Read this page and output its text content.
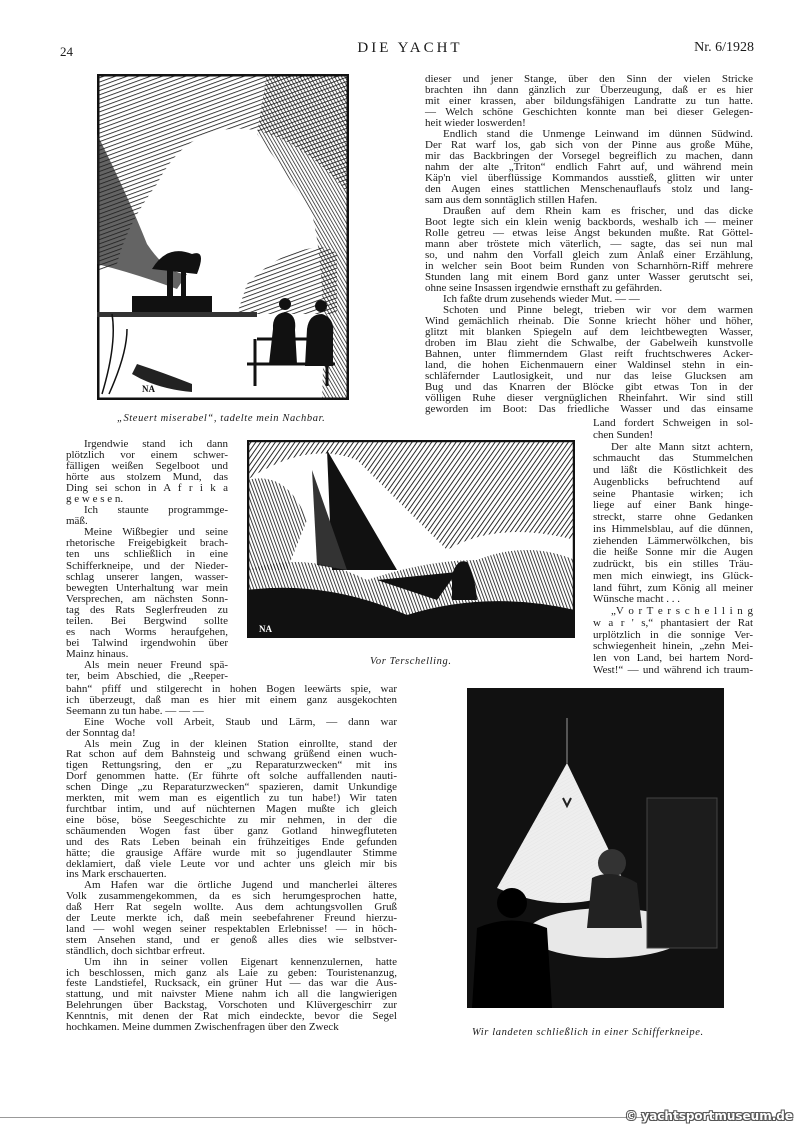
24	DIE YACHT	Nr. 6/1928
NA
„Steuert miserabel“, tadelte mein Nachbar.
NA
Vor Terschelling.
Wir landeten schließlich in einer Schifferkneipe.
dieser und jener Stange, über den Sinn der vielen Stricke
brachten ihn dann gänzlich zur Überzeugung, daß er es hier
mit einer krassen, aber bildungsfähigen Landratte zu tun hatte.
— Welch schöne Geschichten konnte man bei dieser Gelegen-
heit wieder loswerden!
Endlich stand die Unmenge Leinwand im dünnen Südwind.
Der Rat warf los, gab sich von der Pinne aus große Mühe,
mir das Backbringen der Vorsegel begreiflich zu machen, dann
nahm der alte „Triton“ endlich Fahrt auf, und während mein
Käp'n viel überflüssige Kommandos ausstieß, glitten wir unter
den Augen eines stattlichen Menschenauflaufs stolz und lang-
sam aus dem sonntäglich stillen Hafen.
Draußen auf dem Rhein kam es frischer, und das dicke
Boot legte sich ein klein wenig backbords, weshalb ich — meiner
Rolle getreu — etwas leise Angst bekunden mußte. Rat Göttel-
mann aber tröstete mich väterlich, — sagte, das sei nun mal
so, und nahm den Vorfall gleich zum Anlaß einer Erzählung,
in welcher sein Boot beim Runden von Scharnhörn-Riff mehrere
Stunden lang mit einem Bord ganz unter Wasser gerutscht sei,
ohne seine Insassen irgendwie ernsthaft zu gefährden.
Ich faßte drum zusehends wieder Mut. — —
Schoten und Pinne belegt, trieben wir vor dem warmen
Wind gemächlich rheinab. Die Sonne kriecht höher und höher,
glitzt mit blanken Spiegeln auf dem leichtbewegten Wasser,
droben im Blau zieht die Schwalbe, der Gabelweih kunstvolle
Bahnen, unter flimmerndem Glast reift fruchtschweres Acker-
land, die hohen Eichenmauern einer Waldinsel stehn in ein-
schläfernder Lautlosigkeit, und nur das leise Glucksen am
Bug und das Knarren der Blöcke gibt etwas Ton in der
völligen Ruhe dieser vergnüglichen Rheinfahrt. Wir sind still
geworden im Boot: Das friedliche Wasser und das einsame
Land fordert Schweigen in sol-
chen Sunden!
Der alte Mann sitzt achtern,
schmaucht das Stummelchen
und läßt die Köstlichkeit des
Augenblicks befruchtend auf
seine Phantasie wirken; ich
liege auf einer Bank hinge-
streckt, starre ohne Gedanken
ins Himmelsblau, auf die dünnen,
ziehenden Lämmerwölkchen, bis
die heiße Sonne mir die Augen
zudrückt, bis ein stilles Träu-
men mich einwiegt, ins Glück-
land führt, zum König all meiner
Wünsche macht . . .
„V o r T e r s c h e l l i n g
w a r ' s,“ phantasiert der Rat
urplötzlich in die sonnige Ver-
schwiegenheit hinein, „zehn Mei-
len von Land, bei hartem Nord-
West!“ — und während ich traum-
Irgendwie stand ich dann
plötzlich vor einem schwer-
fälligen weißen Segelboot und
hörte aus stolzem Mund, das
Ding sei schon in A f r i k a
g e w e s e n.
Ich staunte programmge-
mäß.
Meine Wißbegier und seine
rhetorische Freigebigkeit brach-
ten uns schließlich in eine
Schifferkneipe, und der Nieder-
schlag unserer langen, wasser-
bewegten Unterhaltung war mein
Versprechen, am nächsten Sonn-
tag des Rats Seglerfreuden zu
teilen. Bei Bergwind sollte
es nach Worms heraufgehen,
bei Talwind irgendwohin über
Mainz hinaus.
Als mein neuer Freund spä-
ter, beim Abschied, die „Reeper-
bahn“ pfiff und stilgerecht in hohen Bogen leewärts spie, war
ich überzeugt, daß man es hier mit einem ganz ausgekochten
Seemann zu tun habe. — — —
Eine Woche voll Arbeit, Staub und Lärm, — dann war
der Sonntag da!
Als mein Zug in der kleinen Station einrollte, stand der
Rat schon auf dem Bahnsteig und schwang grüßend einen wuch-
tigen Rettungsring, den er „zu Reparaturzwecken“ mit ins
Dorf genommen hatte. (Er führte oft solche auffallenden nauti-
schen Dinge „zu Reparaturzwecken“ spazieren, damit Unkundige
merkten, mit wem man es eigentlich zu tun habe!) Wir taten
furchtbar intim, und auf nüchternen Magen mußte ich gleich
eine böse, böse Seegeschichte zu mir nehmen, in der die
schäumenden Wogen fast über ganz Gotland hinwegfluteten
und des Rats Leben beinah ein frühzeitiges Ende gefunden
hätte; die grausige Affäre wurde mit so jugendlauter Stimme
deklamiert, daß viele Leute vor und achter uns gleich mir bis
ins Mark erschauerten.
Am Hafen war die örtliche Jugend und mancherlei älteres
Volk zusammengekommen, da es sich herumgesprochen hatte,
daß Herr Rat segeln wollte. Aus dem achtungsvollen Gruß
der Leute merkte ich, daß mein seebefahrener Freund hierzu-
land — wohl wegen seiner respektablen Erlebnisse! — in höch-
stem Ansehen stand, und er genoß alles dies wie selbstver-
ständlich, doch sichtbar erfreut.
Um ihn in seiner vollen Eigenart kennenzulernen, hatte
ich beschlossen, mich ganz als Laie zu geben: Touristenanzug,
feste Landstiefel, Rucksack, ein grüner Hut — das war die Aus-
stattung, und mit naivster Miene nahm ich all die langwierigen
Belehrungen über Backstag, Vorschoten und Klüvergeschirr zur
Kenntnis, mit denen der Rat mich eindeckte, bevor die Segel
hochkamen. Meine dummen Zwischenfragen über den Zweck
© yachtsportmuseum.de
